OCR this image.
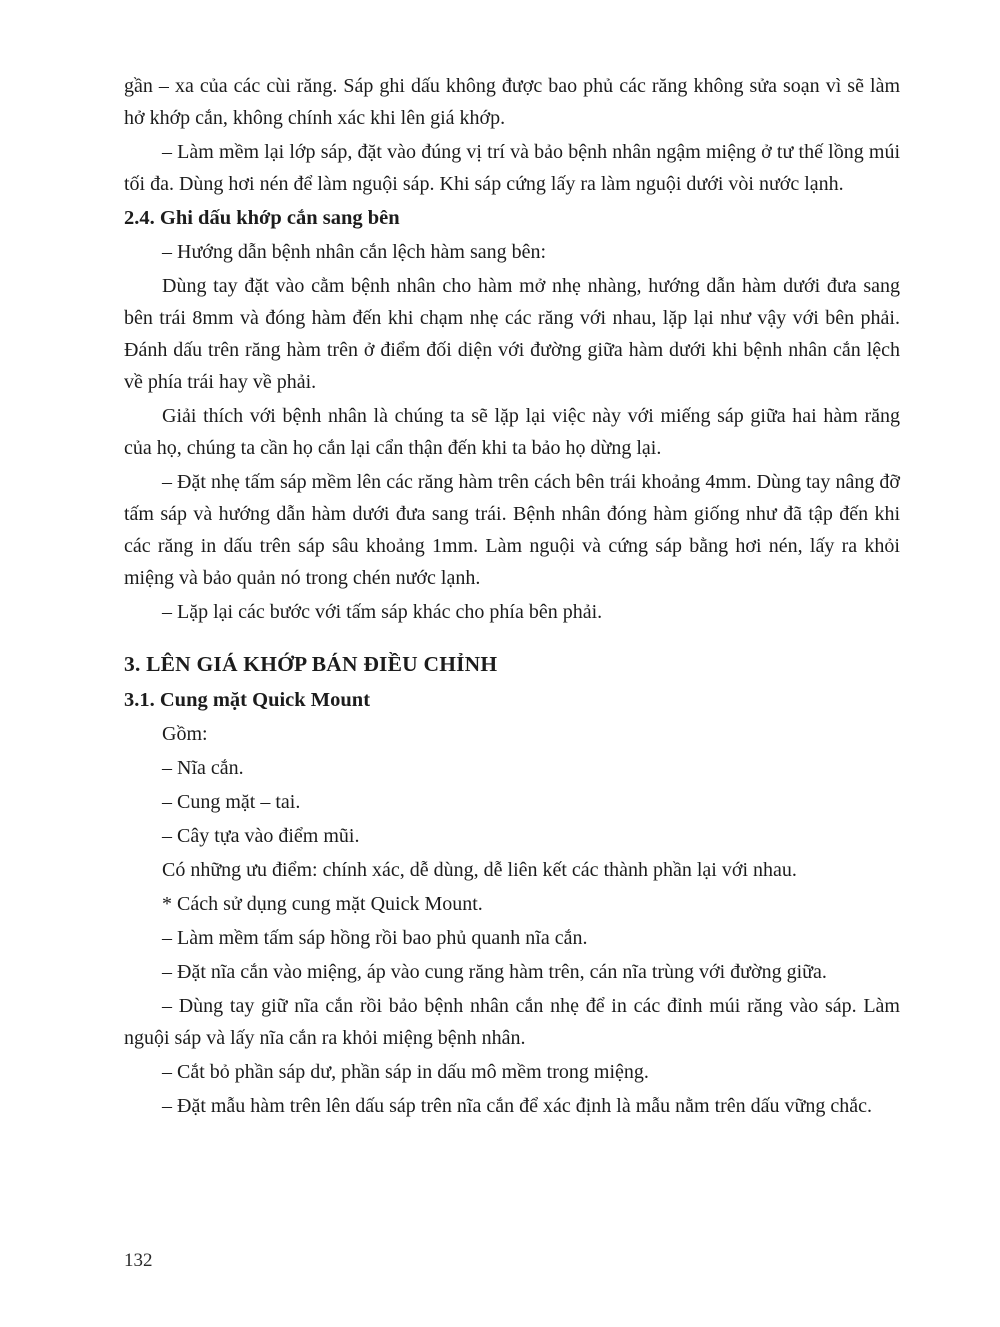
gần – xa của các cùi răng. Sáp ghi dấu không được bao phủ các răng không sửa soạn vì sẽ làm hở khớp cắn, không chính xác khi lên giá khớp.

– Làm mềm lại lớp sáp, đặt vào đúng vị trí và bảo bệnh nhân ngậm miệng ở tư thế lồng múi tối đa. Dùng hơi nén để làm nguội sáp. Khi sáp cứng lấy ra làm nguội dưới vòi nước lạnh.

2.4. Ghi dấu khớp cắn sang bên

– Hướng dẫn bệnh nhân cắn lệch hàm sang bên:

Dùng tay đặt vào cằm bệnh nhân cho hàm mở nhẹ nhàng, hướng dẫn hàm dưới đưa sang bên trái 8mm và đóng hàm đến khi chạm nhẹ các răng với nhau, lặp lại như vậy với bên phải. Đánh dấu trên răng hàm trên ở điểm đối diện với đường giữa hàm dưới khi bệnh nhân cắn lệch về phía trái hay về phải.

Giải thích với bệnh nhân là chúng ta sẽ lặp lại việc này với miếng sáp giữa hai hàm răng của họ, chúng ta cần họ cắn lại cẩn thận đến khi ta bảo họ dừng lại.

– Đặt nhẹ tấm sáp mềm lên các răng hàm trên cách bên trái khoảng 4mm. Dùng tay nâng đỡ tấm sáp và hướng dẫn hàm dưới đưa sang trái. Bệnh nhân đóng hàm giống như đã tập đến khi các răng in dấu trên sáp sâu khoảng 1mm. Làm nguội và cứng sáp bằng hơi nén, lấy ra khỏi miệng và bảo quản nó trong chén nước lạnh.

– Lặp lại các bước với tấm sáp khác cho phía bên phải.

3. LÊN GIÁ KHỚP BÁN ĐIỀU CHỈNH
3.1. Cung mặt Quick Mount

Gồm:

– Nĩa cắn.

– Cung mặt – tai.

– Cây tựa vào điểm mũi.

Có những ưu điểm: chính xác, dễ dùng, dễ liên kết các thành phần lại với nhau.

* Cách sử dụng cung mặt Quick Mount.

– Làm mềm tấm sáp hồng rồi bao phủ quanh nĩa cắn.

– Đặt nĩa cắn vào miệng, áp vào cung răng hàm trên, cán nĩa trùng với đường giữa.

– Dùng tay giữ nĩa cắn rồi bảo bệnh nhân cắn nhẹ để in các đỉnh múi răng vào sáp. Làm nguội sáp và lấy nĩa cắn ra khỏi miệng bệnh nhân.

– Cắt bỏ phần sáp dư, phần sáp in dấu mô mềm trong miệng.

– Đặt mẫu hàm trên lên dấu sáp trên nĩa cắn để xác định là mẫu nằm trên dấu vững chắc.

132
